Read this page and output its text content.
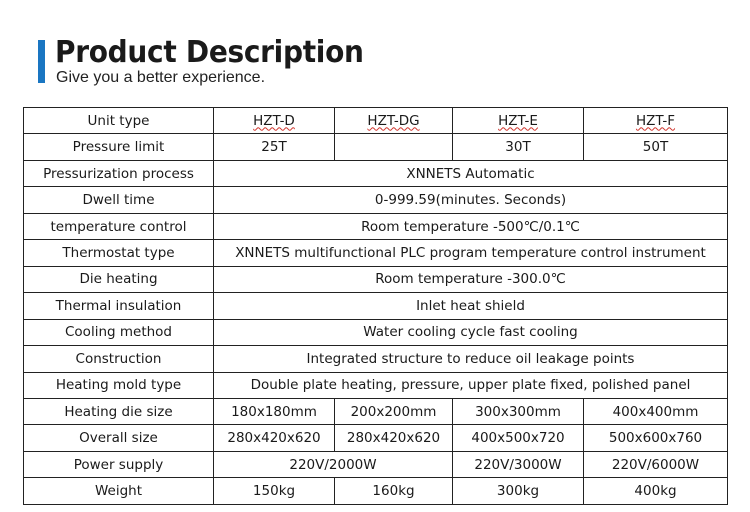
Product Description
Give you a better experience.
Unit type	HZT-D	HZT-DG	HZT-E	HZT-F
Pressure limit	25T		30T	50T
Pressurization process	XNNETS Automatic			
Dwell time	0-999.59(minutes. Seconds)			
temperature control	Room temperature -500℃/0.1℃			
Thermostat type	XNNETS multifunctional PLC program temperature control instrument			
Die heating	Room temperature -300.0℃			
Thermal insulation	Inlet heat shield			
Cooling method	Water cooling cycle fast cooling			
Construction	Integrated structure to reduce oil leakage points			
Heating mold type	Double plate heating, pressure, upper plate fixed, polished panel			
Heating die size	180x180mm	200x200mm	300x300mm	400x400mm
Overall size	280x420x620	280x420x620	400x500x720	500x600x760
Power supply	220V/2000W		220V/3000W	220V/6000W
Weight	150kg	160kg	300kg	400kg
